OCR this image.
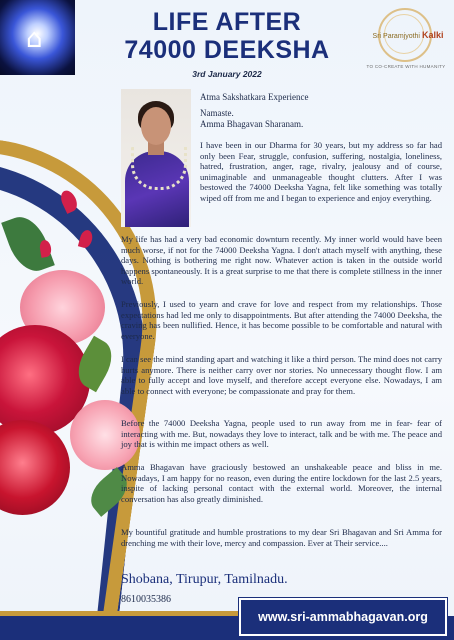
⌂
LIFE AFTER
74000 DEEKSHA
3rd January 2022
Sri Paramjyothi Kalki
TO CO-CREATE WITH HUMANITY

Atma Sakshatkara Experience

Namaste.
Amma Bhagavan Sharanam.

I have been in our Dharma for 30 years, but my address so far had only been Fear, struggle, confusion, suffering, nostalgia, loneliness, hatred, frustration, anger, rage, rivalry, jealousy and of course, unimaginable and unmanageable thought clutters. After I was bestowed the 74000 Deeksha Yagna, felt like something was totally wiped off from me and I began to experience and enjoy everything.

My life has had a very bad economic downturn recently. My inner world would have been much worse, if not for the 74000 Deeksha Yagna. I don't attach myself with anything, these days. Nothing is bothering me right now. Whatever action is taken in the outside world happens spontaneously. It is a great surprise to me that there is complete stillness in the inner world.

Previously, I used to yearn and crave for love and respect from my relationships. Those expectations had led me only to disappointments. But after attending the 74000 Deeksha, the craving has been nullified. Hence, it has become possible to be comfortable and natural with everyone.

I can see the mind standing apart and watching it like a third person. The mind does not carry hurts anymore. There is neither carry over nor stories. No unnecessary thought flow. I am able to fully accept and love myself, and therefore accept everyone else. Nowadays, I am able to connect with everyone; be compassionate and pray for them.

Before the 74000 Deeksha Yagna, people used to run away from me in fear- fear of interacting with me. But, nowadays they love to interact, talk and be with me. The peace and joy that is within me impact others as well.

Amma Bhagavan have graciously bestowed an unshakeable peace and bliss in me. Nowadays, I am happy for no reason, even during the entire lockdown for the last 2.5 years, inspite of lacking personal contact with the external world. Moreover, the internal conversation has also greatly diminished.

My bountiful gratitude and humble prostrations to my dear Sri Bhagavan and Sri Amma for drenching me with their love, mercy and compassion. Ever at Their service....

Shobana, Tirupur, Tamilnadu.

8610035386

www.sri-ammabhagavan.org
